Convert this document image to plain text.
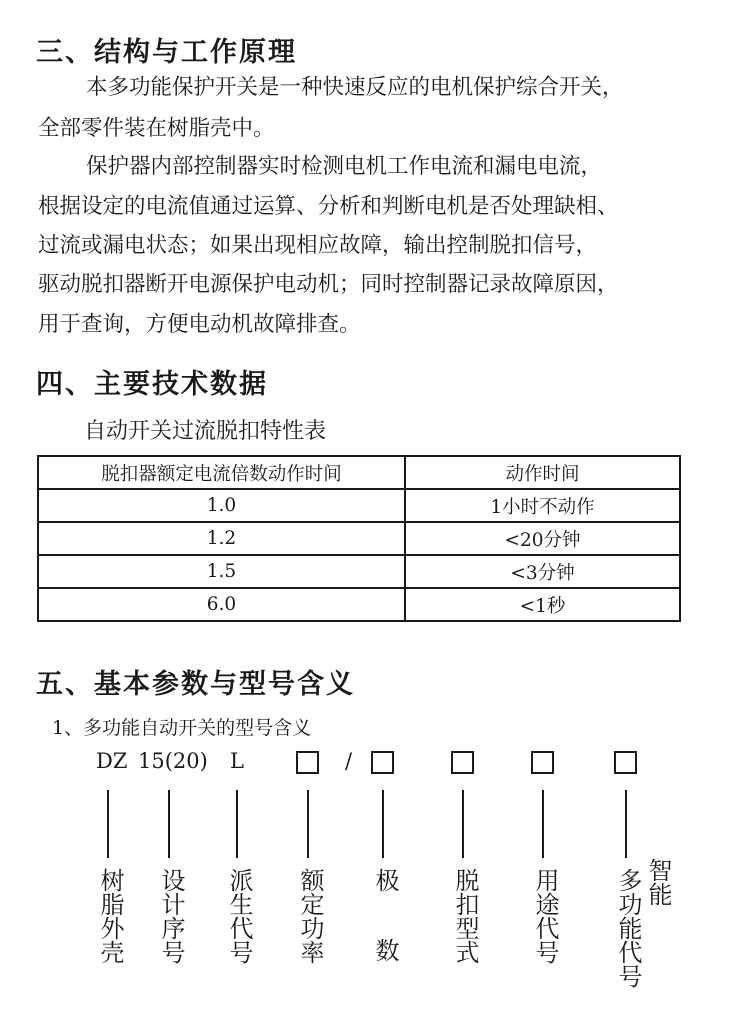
三、结构与工作原理

本多功能保护开关是一种快速反应的电机保护综合开关，

全部零件装在树脂壳中。

保护器内部控制器实时检测电机工作电流和漏电电流，

根据设定的电流值通过运算、分析和判断电机是否处理缺相、

过流或漏电状态；如果出现相应故障，输出控制脱扣信号，

驱动脱扣器断开电源保护电动机；同时控制器记录故障原因，

用于查询，方便电动机故障排查。

四、主要技术数据

自动开关过流脱扣特性表

脱扣器额定电流倍数动作时间	动作时间
1.0	1小时不动作
1.2	<20分钟
1.5	<3分钟
6.0	<1秒
五、基本参数与型号含义

1、多功能自动开关的型号含义

DZ 15(20) L	/
树脂外壳 设计序号 派生代号 额定功率 极
数 脱扣型式 用途代号 多功能代号 智能
